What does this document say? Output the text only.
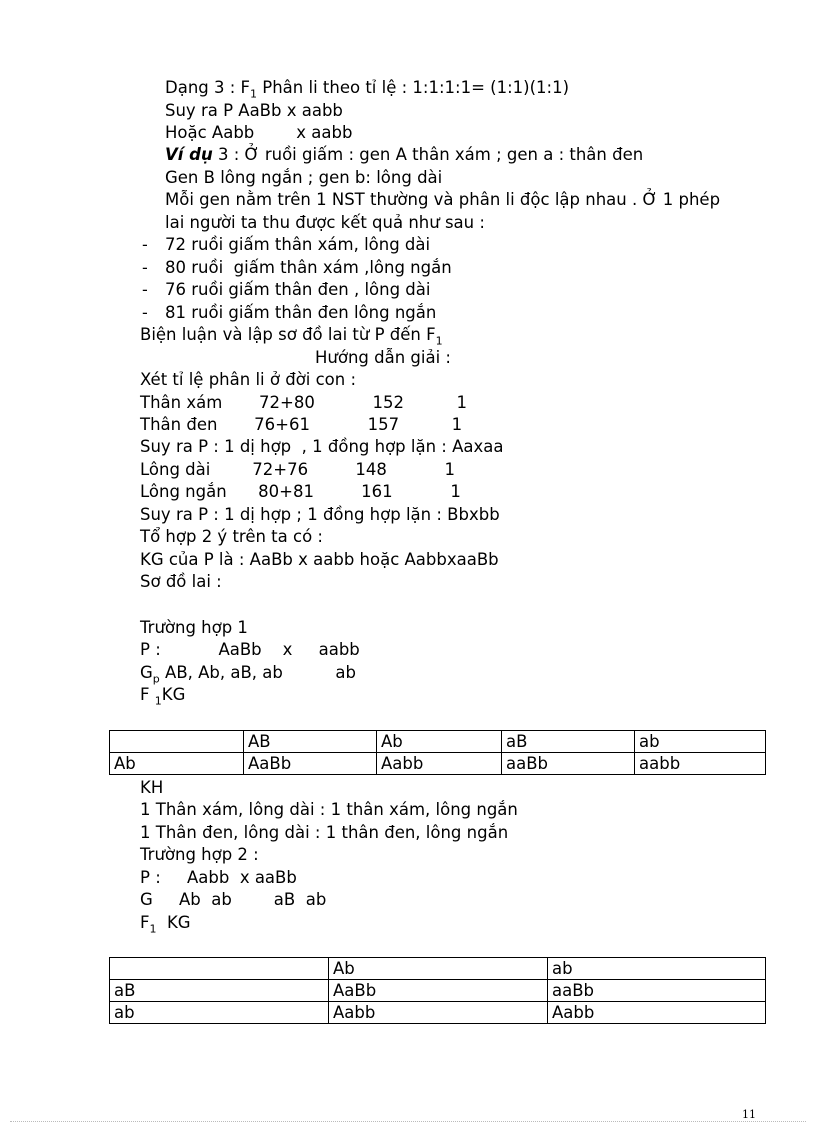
Dạng 3 : $F_1$ Phân li theo tỉ lệ : 1:1:1:1= (1:1)(1:1)
Suy ra P AaBb x aabb
Hoặc Aabb        x aabb
Ví dụ 3 : Ở ruồi giấm : gen A thân xám ; gen a : thân đen
Gen B lông ngắn ; gen b: lông dài
Mỗi gen nằm trên 1 NST thường và phân li độc lập nhau . Ở 1 phép
lai người ta thu được kết quả như sau :
- 72 ruồi giấm thân xám, lông dài
- 80 ruồi  giấm thân xám ,lông ngắn
- 76 ruồi giấm thân đen , lông dài
- 81 ruồi giấm thân đen lông ngắn
Biện luận và lập sơ đồ lai từ P đến $F_1$
Hướng dẫn giải :
Xét tỉ lệ phân li ở đời con :
Thân xám       72+80           152          1
Thân đen       76+61           157          1
Suy ra P : 1 dị hợp  , 1 đồng hợp lặn : Aaxaa
Lông dài        72+76         148           1
Lông ngắn      80+81         161           1
Suy ra P : 1 dị hợp ; 1 đồng hợp lặn : Bbxbb
Tổ hợp 2 ý trên ta có :
KG của P là : AaBb x aabb hoặc AabbxaaBb
Sơ đồ lai :
Trường hợp 1
P :           AaBb    x     aabb
$G_p$ AB, Ab, aB, ab          ab
F $_1$KG
	AB	Ab	aB	ab
Ab	AaBb	Aabb	aaBb	aabb
KH
1 Thân xám, lông dài : 1 thân xám, lông ngắn
1 Thân đen, lông dài : 1 thân đen, lông ngắn
Trường hợp 2 :
P :     Aabb  x aaBb
G     Ab  ab        aB  ab
$F_1$  KG
	Ab	ab
aB	AaBb	aaBb
ab	Aabb	Aabb
11
